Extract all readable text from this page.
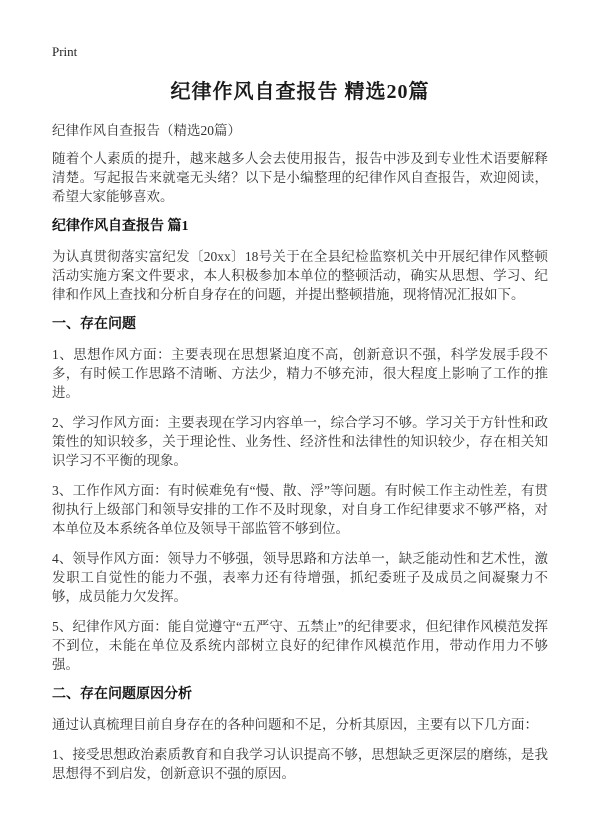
Print
纪律作风自查报告 精选20篇
纪律作风自查报告（精选20篇）

随着个人素质的提升，越来越多人会去使用报告，报告中涉及到专业性术语要解释清楚。写起报告来就毫无头绪？以下是小编整理的纪律作风自查报告，欢迎阅读，希望大家能够喜欢。

纪律作风自查报告 篇1

为认真贯彻落实富纪发〔20xx〕18号关于在全县纪检监察机关中开展纪律作风整顿活动实施方案文件要求，本人积极参加本单位的整顿活动，确实从思想、学习、纪律和作风上查找和分析自身存在的问题，并提出整顿措施，现将情况汇报如下。

一、存在问题

1、思想作风方面：主要表现在思想紧迫度不高，创新意识不强，科学发展手段不多，有时候工作思路不清晰、方法少，精力不够充沛，很大程度上影响了工作的推进。

2、学习作风方面：主要表现在学习内容单一，综合学习不够。学习关于方针性和政策性的知识较多，关于理论性、业务性、经济性和法律性的知识较少，存在相关知识学习不平衡的现象。

3、工作作风方面：有时候难免有“慢、散、浮”等问题。有时候工作主动性差，有贯彻执行上级部门和领导安排的工作不及时现象，对自身工作纪律要求不够严格，对本单位及本系统各单位及领导干部监管不够到位。

4、领导作风方面：领导力不够强，领导思路和方法单一，缺乏能动性和艺术性，激发职工自觉性的能力不强，表率力还有待增强，抓纪委班子及成员之间凝聚力不够，成员能力欠发挥。

5、纪律作风方面：能自觉遵守“五严守、五禁止”的纪律要求，但纪律作风模范发挥不到位，未能在单位及系统内部树立良好的纪律作风模范作用，带动作用力不够强。

二、存在问题原因分析

通过认真梳理目前自身存在的各种问题和不足，分析其原因，主要有以下几方面：

1、接受思想政治素质教育和自我学习认识提高不够，思想缺乏更深层的磨练，是我思想得不到启发，创新意识不强的原因。
